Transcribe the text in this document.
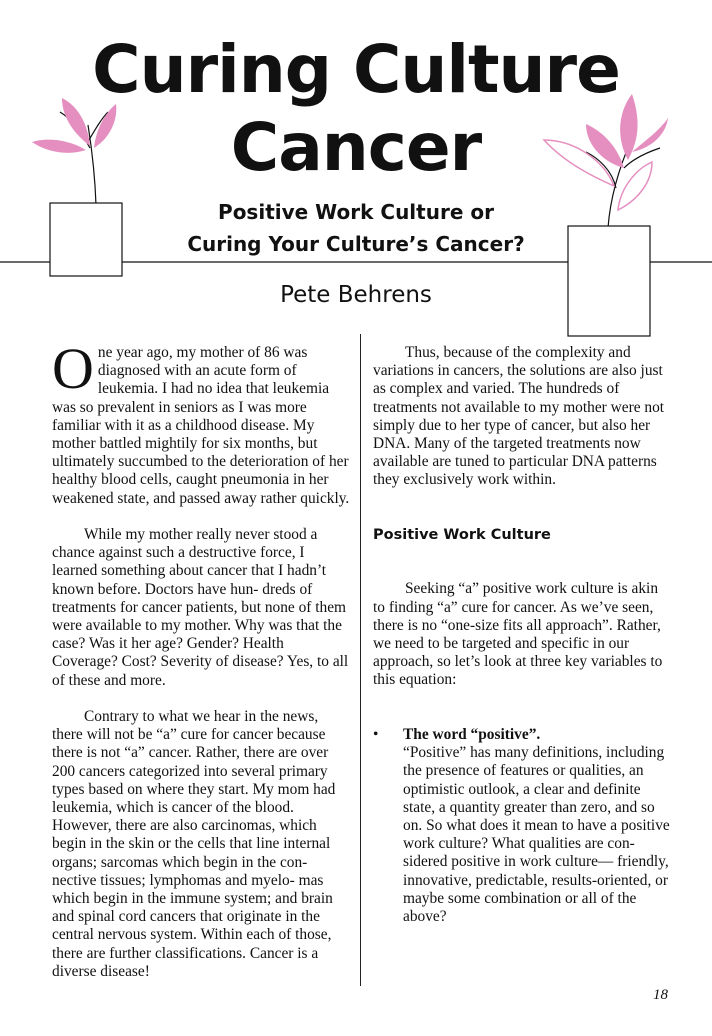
Curing Culture
Cancer
Positive Work Culture or
Curing Your Culture’s Cancer?
Pete Behrens

One year ago, my mother of 86 was diagnosed with an acute form of leukemia. I had no idea that leukemia was so prevalent in seniors as I was more familiar with it as a childhood disease. My mother battled mightily for six months, but ultimately succumbed to the deterioration of her healthy blood cells, caught pneumonia in her weakened state, and passed away rather quickly.

While my mother really never stood a chance against such a destructive force, I learned something about cancer that I hadn’t known before. Doctors have hun- dreds of treatments for cancer patients, but none of them were available to my mother. Why was that the case? Was it her age? Gender? Health Coverage? Cost? Severity of disease? Yes, to all of these and more.

Contrary to what we hear in the news, there will not be “a” cure for cancer because there is not “a” cancer. Rather, there are over 200 cancers categorized into several primary types based on where they start. My mom had leukemia, which is cancer of the blood. However, there are also carcinomas, which begin in the skin or the cells that line internal organs; sarcomas which begin in the con- nective tissues; lymphomas and myelo- mas which begin in the immune system; and brain and spinal cord cancers that originate in the central nervous system. Within each of those, there are further classifications. Cancer is a diverse disease!

Thus, because of the complexity and variations in cancers, the solutions are also just as complex and varied. The hundreds of treatments not available to my mother were not simply due to her type of cancer, but also her DNA. Many of the targeted treatments now available are tuned to particular DNA patterns they exclusively work within.

Positive Work Culture

Seeking “a” positive work culture is akin to finding “a” cure for cancer. As we’ve seen, there is no “one-size fits all approach”. Rather, we need to be targeted and specific in our approach, so let’s look at three key variables to this equation:

• The word “positive”.

“Positive” has many definitions, including the presence of features or qualities, an optimistic outlook, a clear and definite state, a quantity greater than zero, and so on. So what does it mean to have a positive work culture? What qualities are con- sidered positive in work culture— friendly, innovative, predictable, results-oriented, or maybe some combination or all of the above?

18
